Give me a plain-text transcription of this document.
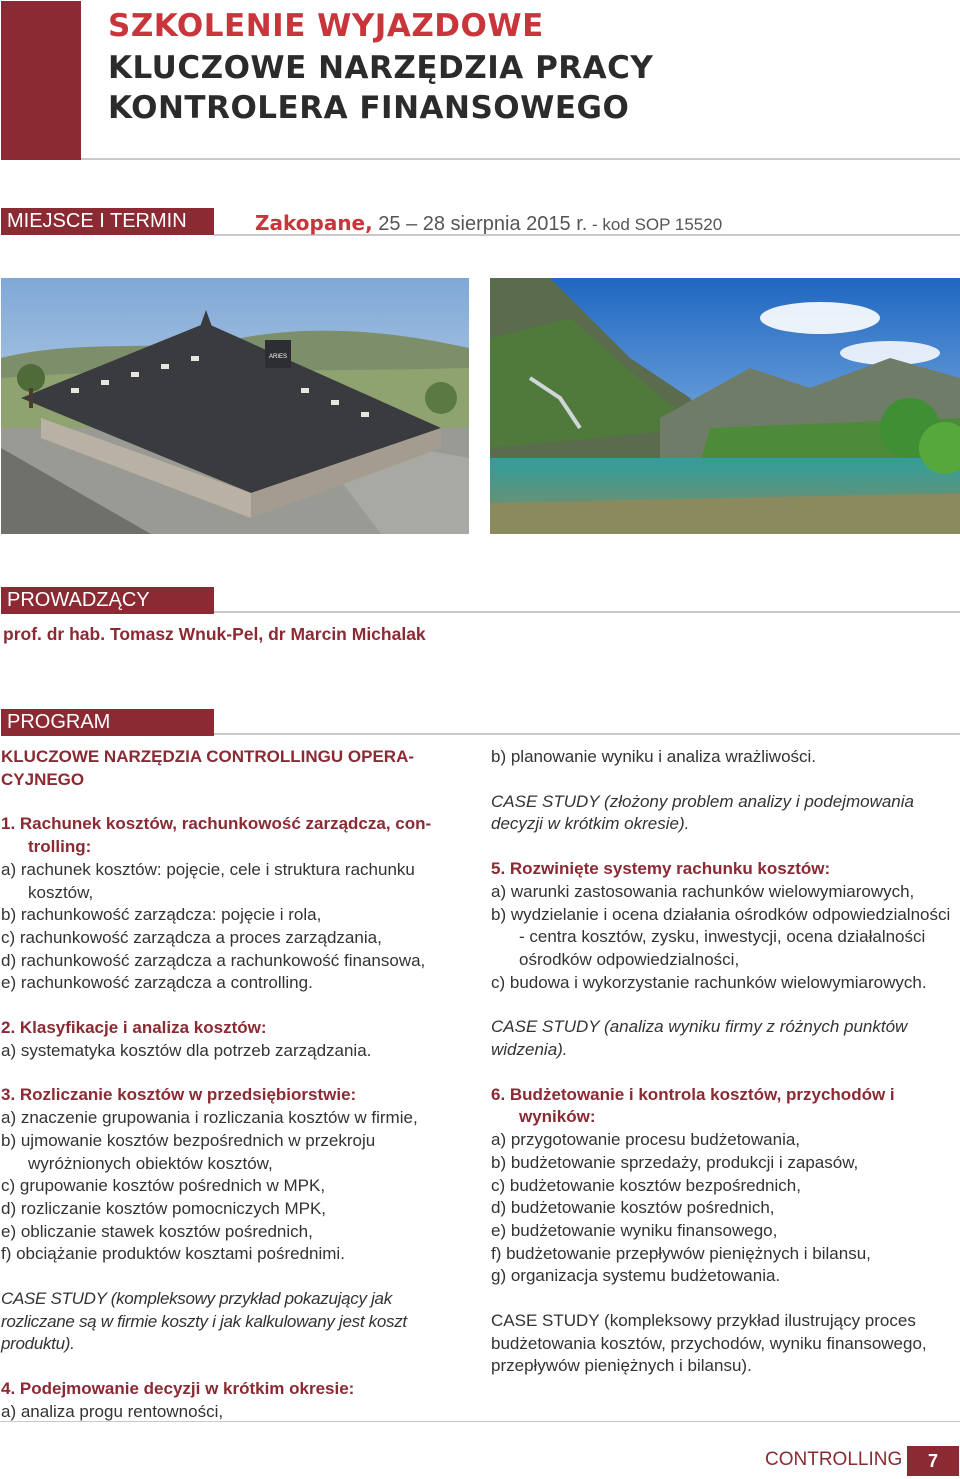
SZKOLENIE WYJAZDOWE
KLUCZOWE NARZĘDZIA PRACY
KONTROLERA FINANSOWEGO
MIEJSCE I TERMIN	Zakopane, 25 – 28 sierpnia 2015 r. - kod SOP 15520
ARIES
PROWADZĄCY
prof. dr hab. Tomasz Wnuk-Pel, dr Marcin Michalak
PROGRAM

KLUCZOWE NARZĘDZIA CONTROLLINGU OPERA-

CYJNEGO

1. Rachunek kosztów, rachunkowość zarządcza, con-

trolling:

a) rachunek kosztów: pojęcie, cele i struktura rachunku kosztów,

b) rachunkowość zarządcza: pojęcie i rola,

c) rachunkowość zarządcza a proces zarządzania,

d) rachunkowość zarządcza a rachunkowość finansowa,

e) rachunkowość zarządcza a controlling.

2. Klasyfikacje i analiza kosztów:

a) systematyka kosztów dla potrzeb zarządzania.

3. Rozliczanie kosztów w przedsiębiorstwie:

a) znaczenie grupowania i rozliczania kosztów w firmie,

b) ujmowanie kosztów bezpośrednich w przekroju wyróżnionych obiektów kosztów,

c) grupowanie kosztów pośrednich w MPK,

d) rozliczanie kosztów pomocniczych MPK,

e) obliczanie stawek kosztów pośrednich,

f) obciążanie produktów kosztami pośrednimi.

CASE STUDY (kompleksowy przykład pokazujący jak rozliczane są w firmie koszty i jak kalkulowany jest koszt produktu).

4. Podejmowanie decyzji w krótkim okresie:

a) analiza progu rentowności,

b) planowanie wyniku i analiza wrażliwości.

CASE STUDY (złożony problem analizy i podejmowania decyzji w krótkim okresie).

5. Rozwinięte systemy rachunku kosztów:

a) warunki zastosowania rachunków wielowymiarowych,

b) wydzielanie i ocena działania ośrodków odpowiedzialności - centra kosztów, zysku, inwestycji, ocena działalności ośrodków odpowiedzialności,

c) budowa i wykorzystanie rachunków wielowymiarowych.

CASE STUDY (analiza wyniku firmy z różnych punktów widzenia).

6. Budżetowanie i kontrola kosztów, przychodów i wyników:

a) przygotowanie procesu budżetowania,

b) budżetowanie sprzedaży, produkcji i zapasów,

c) budżetowanie kosztów bezpośrednich,

d) budżetowanie kosztów pośrednich,

e) budżetowanie wyniku finansowego,

f) budżetowanie przepływów pieniężnych i bilansu,

g) organizacja systemu budżetowania.

CASE STUDY (kompleksowy przykład ilustrujący proces budżetowania kosztów, przychodów, wyniku finansowego, przepływów pieniężnych i bilansu).

CONTROLLING	7
